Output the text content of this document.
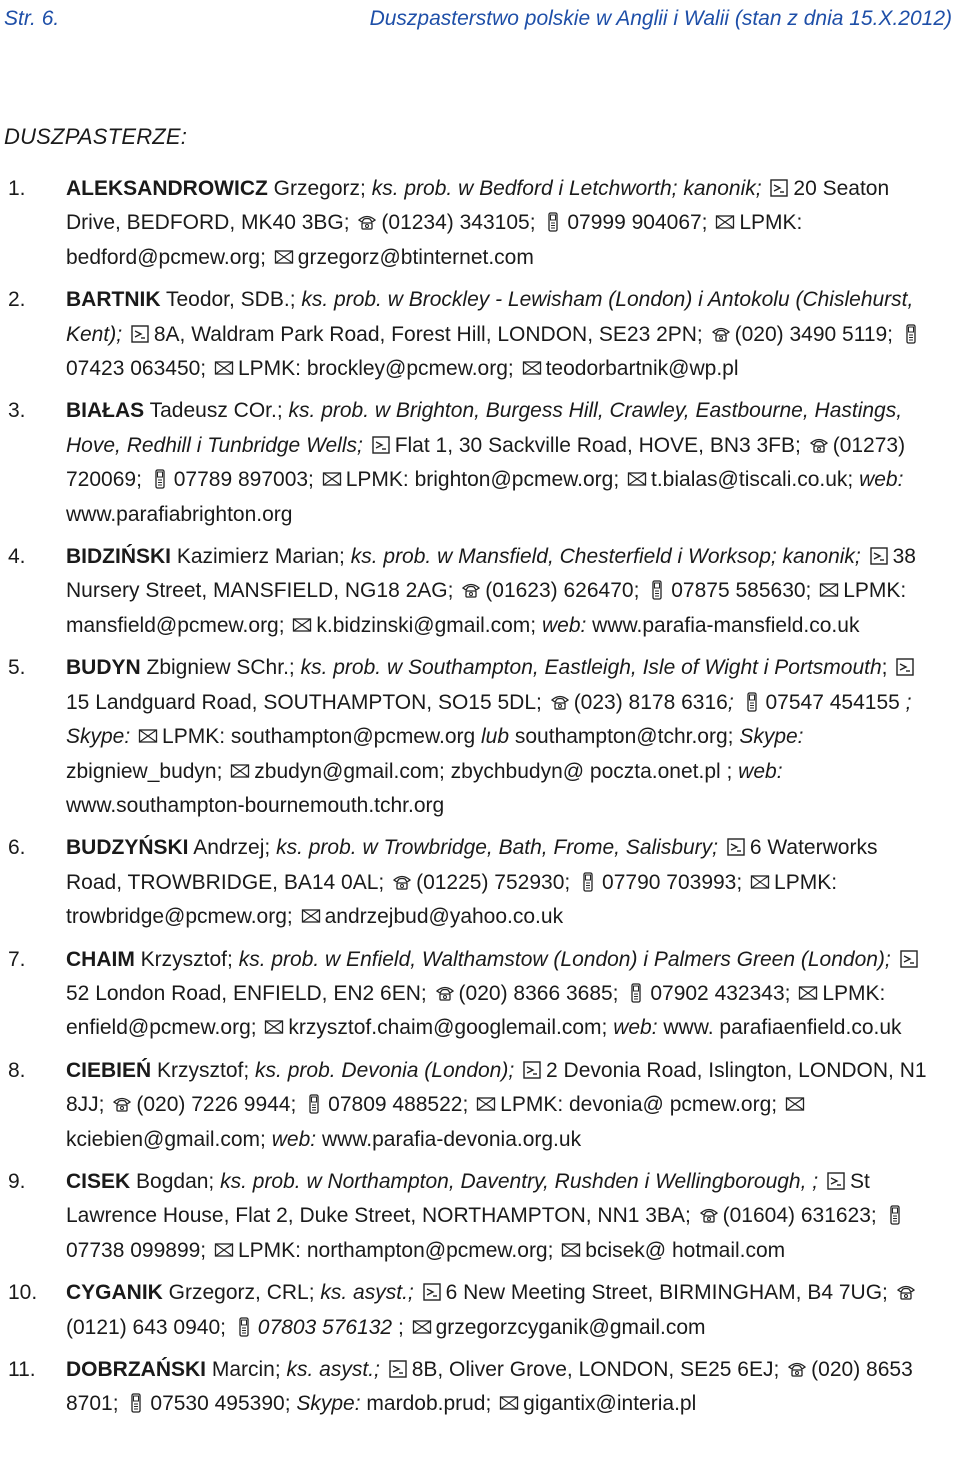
Str. 6.	Duszpasterstwo polskie w Anglii i Walii (stan z dnia 15.X.2012)
DUSZPASTERZE:
1. ALEKSANDROWICZ Grzegorz; ks. prob. w Bedford i Letchworth; kanonik;
20 Seaton Drive, BEDFORD, MK40 3BG;
(01234) 343105;
07999 904067;
LPMK: bedford@pcmew.org;
grzegorz@btinternet.com
2. BARTNIK Teodor, SDB.; ks. prob. w Brockley - Lewisham (London) i Antokolu (Chislehurst, Kent);
8A, Waldram Park Road, Forest Hill, LONDON, SE23 2PN;
(020) 3490 5119;
07423 063450;
LPMK: brockley@pcmew.org;
teodorbartnik@wp.pl
3. BIAŁAS Tadeusz COr.; ks. prob. w Brighton, Burgess Hill, Crawley, Eastbourne, Hastings, Hove, Redhill i Tunbridge Wells;
Flat 1, 30 Sackville Road, HOVE, BN3 3FB;
(01273) 720069;
07789 897003;
LPMK: brighton@pcmew.org;
t.bialas@tiscali.co.uk; web: www.parafiabrighton.org
4. BIDZIŃSKI Kazimierz Marian; ks. prob. w Mansfield, Chesterfield i Worksop; kanonik;
38 Nursery Street, MANSFIELD, NG18 2AG;
(01623) 626470;
07875 585630;
LPMK: mansfield@pcmew.org;
k.bidzinski@gmail.com; web: www.parafia-mansfield.co.uk
5. BUDYN Zbigniew SChr.; ks. prob. w Southampton, Eastleigh, Isle of Wight i Portsmouth;
15 Landguard Road, SOUTHAMPTON, SO15 5DL;
(023) 8178 6316;
07547 454155 ; Skype:
LPMK: southampton@pcmew.org lub southampton@tchr.org; Skype: zbigniew_budyn;
zbudyn@gmail.com; zbychbudyn@ poczta.onet.pl ; web: www.southampton-bournemouth.tchr.org
6. BUDZYŃSKI Andrzej; ks. prob. w Trowbridge, Bath, Frome, Salisbury;
6 Waterworks Road, TROWBRIDGE, BA14 0AL;
(01225) 752930;
07790 703993;
LPMK: trowbridge@pcmew.org;
andrzejbud@yahoo.co.uk
7. CHAIM Krzysztof; ks. prob. w Enfield, Walthamstow (London) i Palmers Green (London);
52 London Road, ENFIELD, EN2 6EN;
(020) 8366 3685;
07902 432343;
LPMK: enfield@pcmew.org;
krzysztof.chaim@googlemail.com; web: www. parafiaenfield.co.uk
8. CIEBIEŃ Krzysztof; ks. prob. Devonia (London);
2 Devonia Road, Islington, LONDON, N1 8JJ;
(020) 7226 9944;
07809 488522;
LPMK: devonia@ pcmew.org;
kciebien@gmail.com; web: www.parafia-devonia.org.uk
9. CISEK Bogdan; ks. prob. w Northampton, Daventry, Rushden i Wellingborough, ;
St Lawrence House, Flat 2, Duke Street, NORTHAMPTON, NN1 3BA;
(01604) 631623;
07738 099899;
LPMK: northampton@pcmew.org;
bcisek@ hotmail.com
10. CYGANIK Grzegorz, CRL; ks. asyst.;
6 New Meeting Street, BIRMINGHAM, B4 7UG;
(0121) 643 0940;
07803 576132 ;
grzegorzcyganik@gmail.com
11. DOBRZAŃSKI Marcin; ks. asyst.;
8B, Oliver Grove, LONDON, SE25 6EJ;
(020) 8653 8701;
07530 495390; Skype: mardob.prud;
gigantix@interia.pl
